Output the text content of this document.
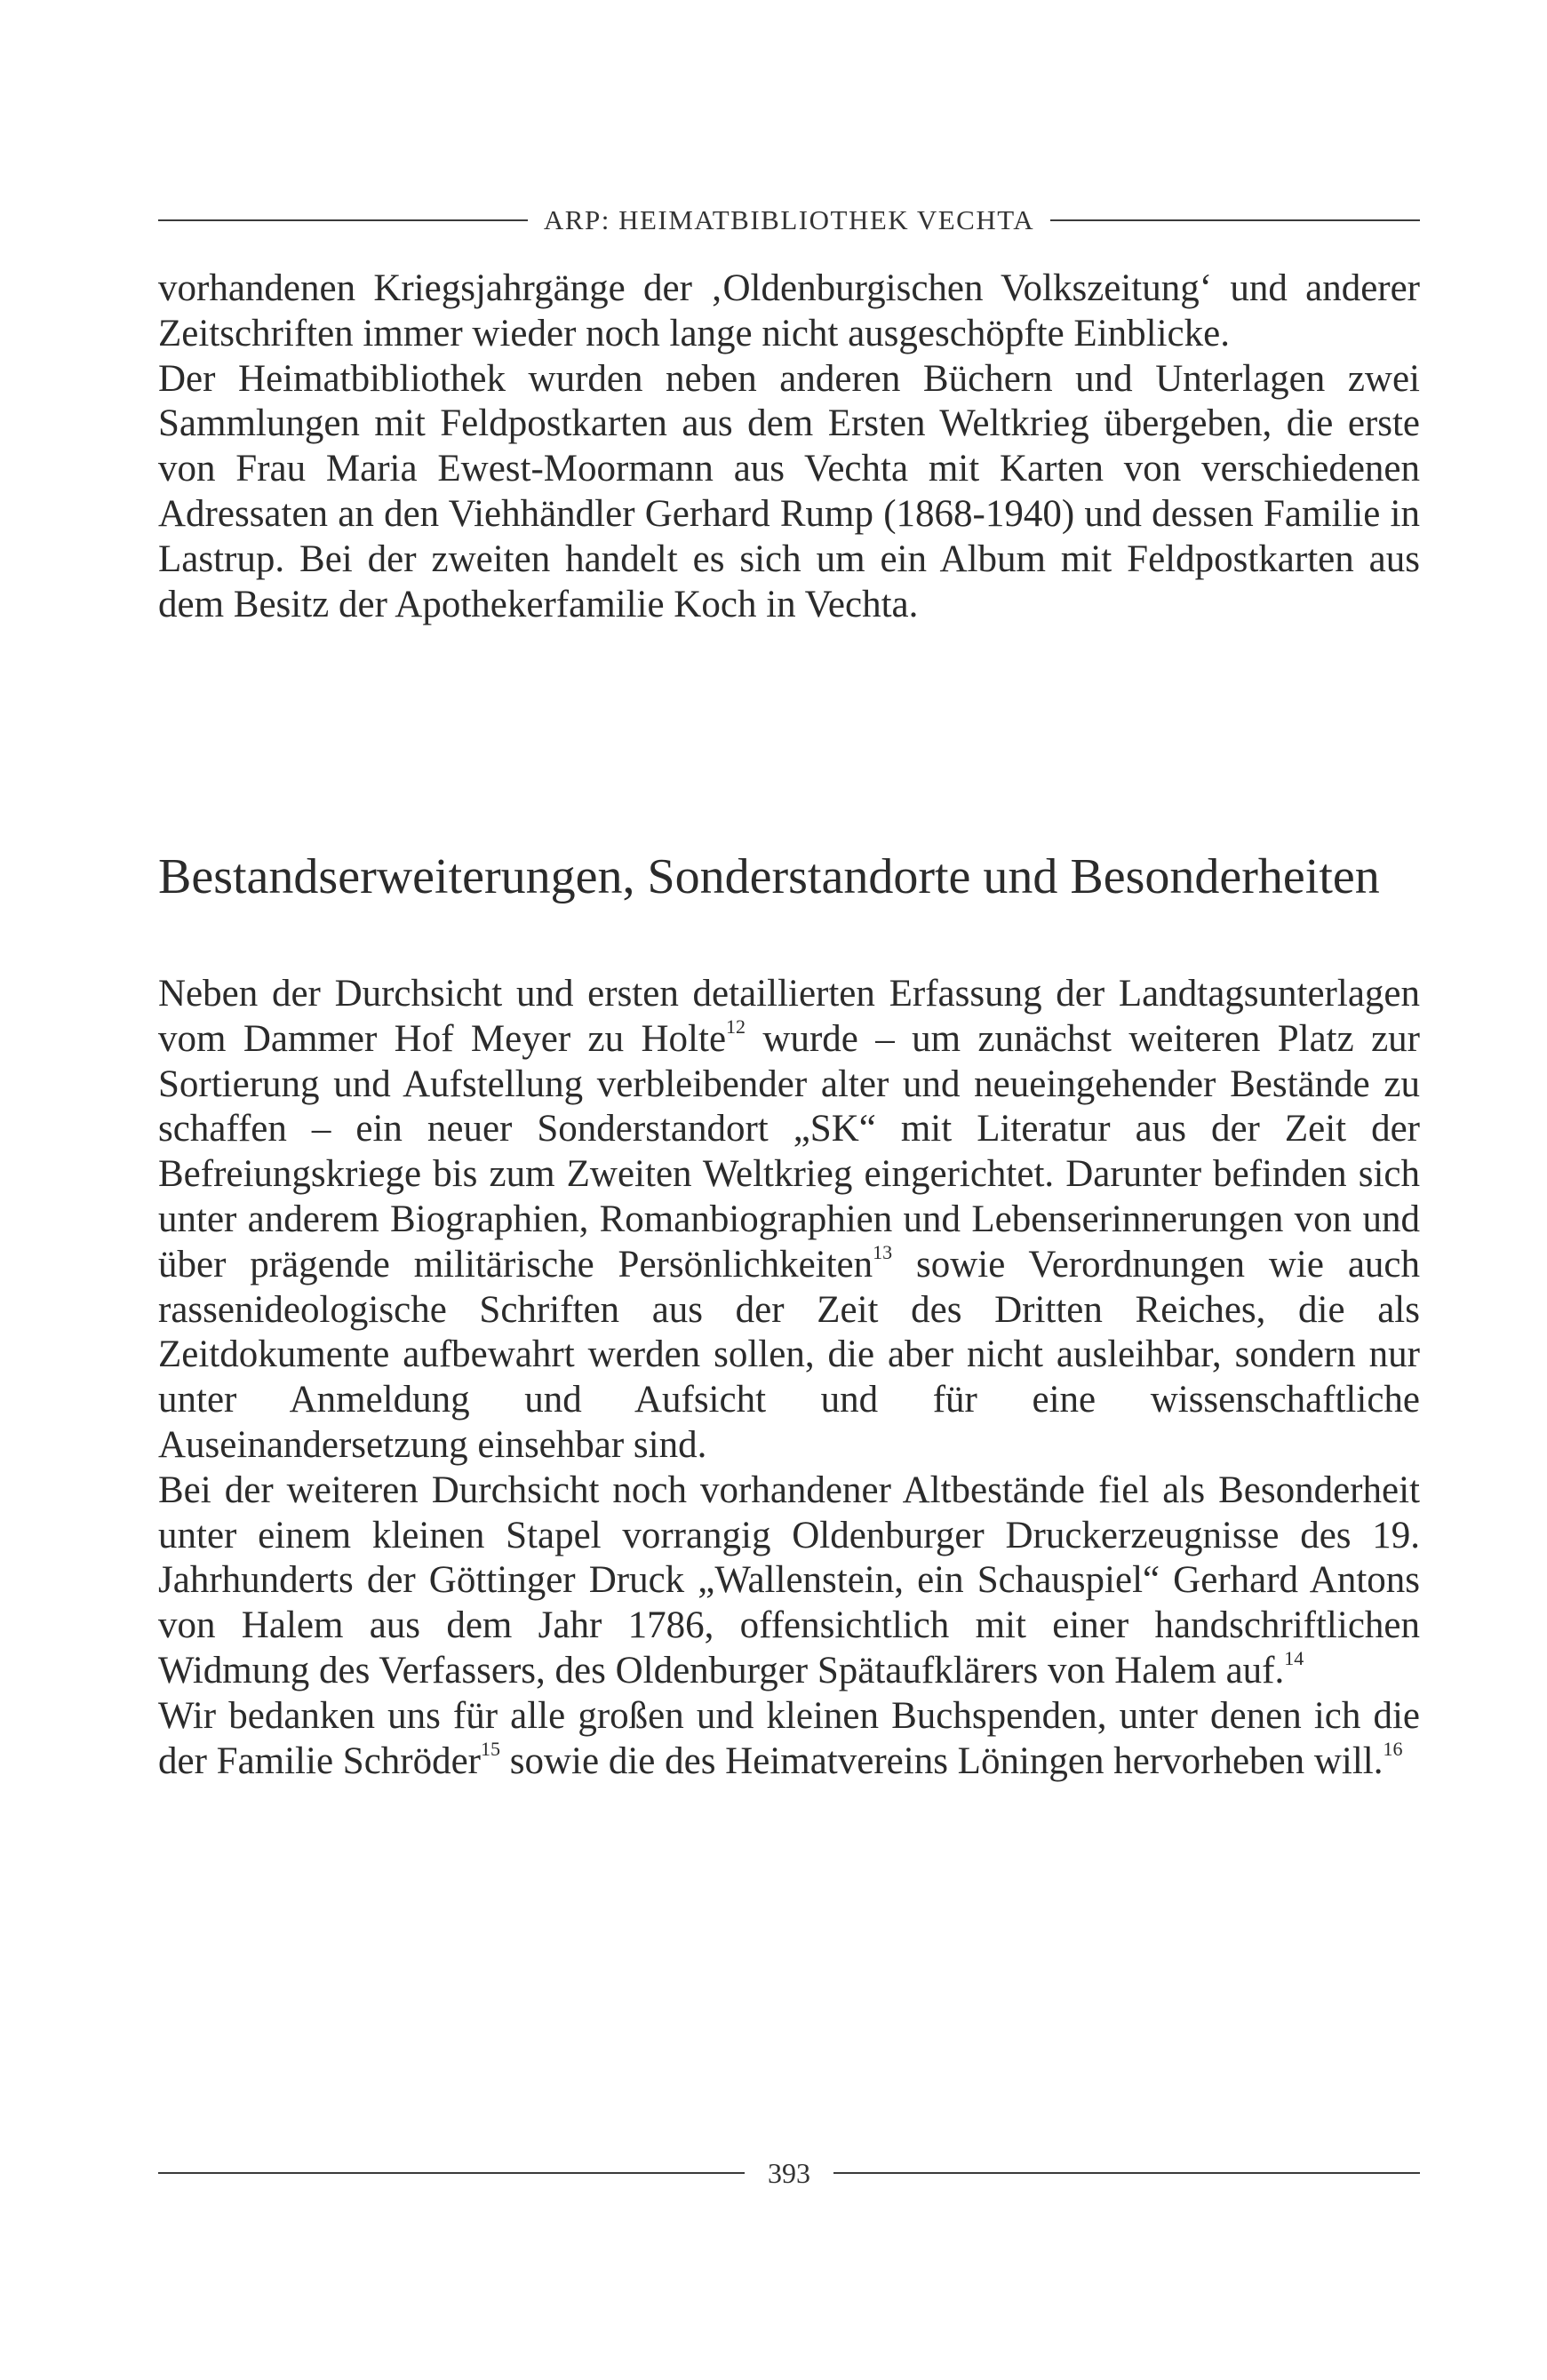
ARP: HEIMATBIBLIOTHEK VECHTA

vorhandenen Kriegsjahrgänge der ‚Oldenburgischen Volkszeitung‘ und anderer Zeitschriften immer wieder noch lange nicht ausgeschöpfte Einblicke.

Der Heimatbibliothek wurden neben anderen Büchern und Unterlagen zwei Sammlungen mit Feldpostkarten aus dem Ersten Weltkrieg übergeben, die erste von Frau Maria Ewest-Moormann aus Vechta mit Karten von verschiedenen Adressaten an den Viehhändler Gerhard Rump (1868-1940) und dessen Familie in Lastrup. Bei der zweiten handelt es sich um ein Album mit Feldpostkarten aus dem Besitz der Apothekerfamilie Koch in Vechta.

Bestandserweiterungen, Sonderstandorte und Besonderheiten

Neben der Durchsicht und ersten detaillierten Erfassung der Landtagsunterlagen vom Dammer Hof Meyer zu Holte$^{12}$ wurde – um zunächst weiteren Platz zur Sortierung und Aufstellung verbleibender alter und neueingehender Bestände zu schaffen – ein neuer Sonderstandort „SK“ mit Literatur aus der Zeit der Befreiungskriege bis zum Zweiten Weltkrieg eingerichtet. Darunter befinden sich unter anderem Biographien, Romanbiographien und Lebenserinnerungen von und über prägende militärische Persönlichkeiten$^{13}$ sowie Verordnungen wie auch rassenideologische Schriften aus der Zeit des Dritten Reiches, die als Zeitdokumente aufbewahrt werden sollen, die aber nicht ausleihbar, sondern nur unter Anmeldung und Aufsicht und für eine wissenschaftliche Auseinandersetzung einsehbar sind.

Bei der weiteren Durchsicht noch vorhandener Altbestände fiel als Besonderheit unter einem kleinen Stapel vorrangig Oldenburger Druckerzeugnisse des 19. Jahrhunderts der Göttinger Druck „Wallenstein, ein Schauspiel“ Gerhard Antons von Halem aus dem Jahr 1786, offensichtlich mit einer handschriftlichen Widmung des Verfassers, des Oldenburger Spätaufklärers von Halem auf.$^{14}$

Wir bedanken uns für alle großen und kleinen Buchspenden, unter denen ich die der Familie Schröder$^{15}$ sowie die des Heimatvereins Löningen hervorheben will.$^{16}$

393
